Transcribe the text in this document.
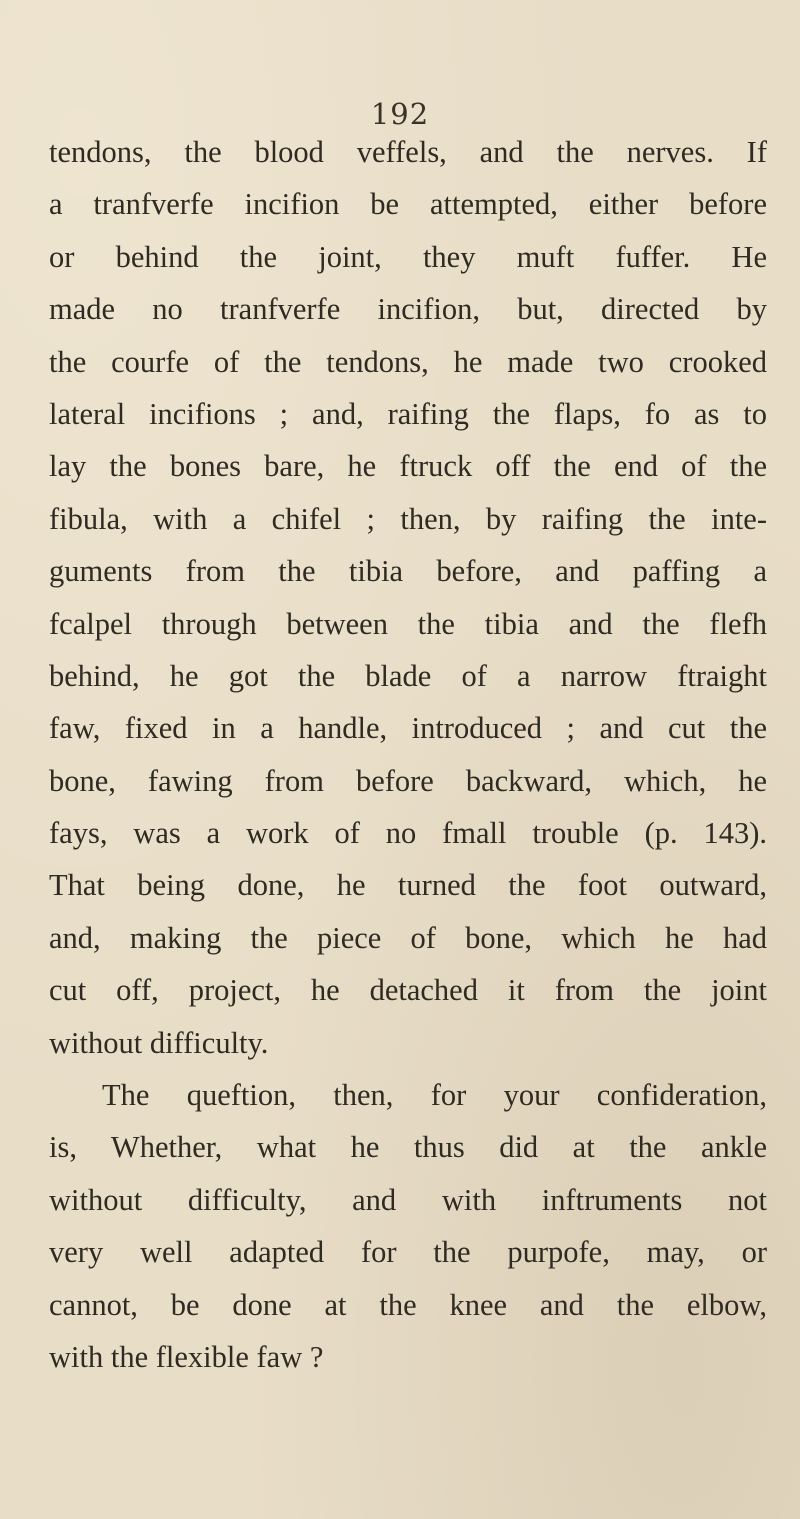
192
tendons, the blood veffels, and the nerves. If
a tranfverfe incifion be attempted, either before
or behind the joint, they muft fuffer. He
made no tranfverfe incifion, but, directed by
the courfe of the tendons, he made two crooked
lateral incifions ; and, raifing the flaps, fo as to
lay the bones bare, he ftruck off the end of the
fibula, with a chifel ; then, by raifing the inte-
guments from the tibia before, and paffing a
fcalpel through between the tibia and the flefh
behind, he got the blade of a narrow ftraight
faw, fixed in a handle, introduced ; and cut the
bone, fawing from before backward, which, he
fays, was a work of no fmall trouble (p. 143).
That being done, he turned the foot outward,
and, making the piece of bone, which he had
cut off, project, he detached it from the joint
without difficulty.
The queftion, then, for your confideration,
is, Whether, what he thus did at the ankle
without difficulty, and with inftruments not
very well adapted for the purpofe, may, or
cannot, be done at the knee and the elbow,
with the flexible faw ?
